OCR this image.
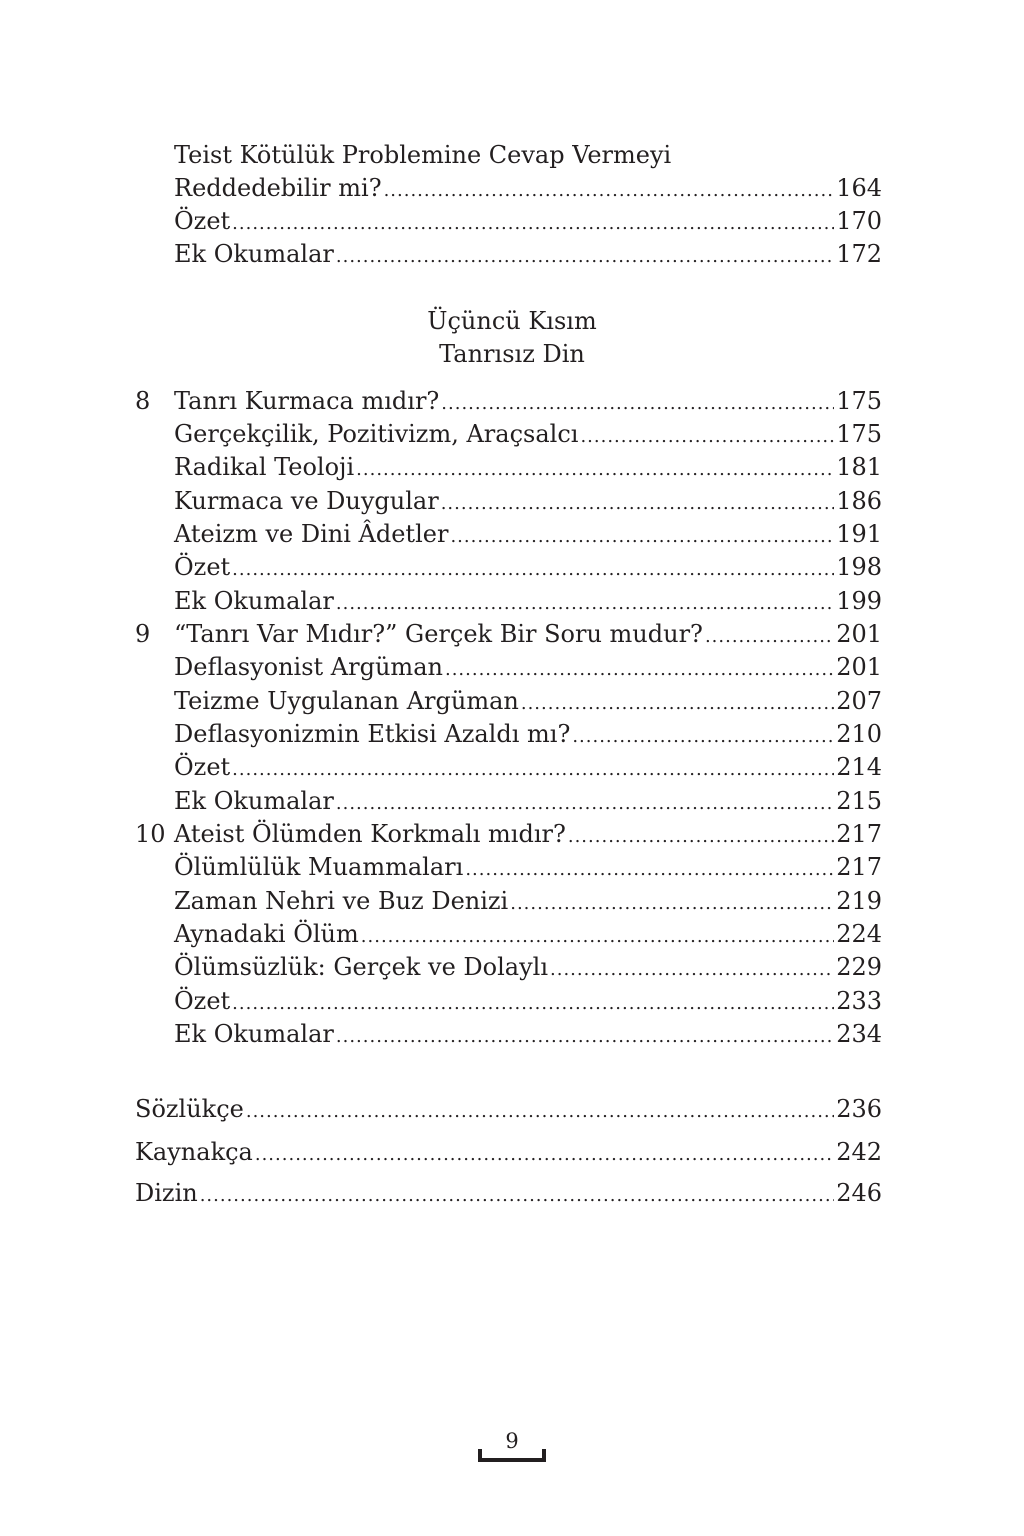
Teist Kötülük Problemine Cevap Vermeyi
Reddedebilir mi? .....	164
Özet .....	170
Ek Okumalar .....	172
Üçüncü Kısım
Tanrısız Din
8 Tanrı Kurmaca mıdır? .....	175
Gerçekçilik, Pozitivizm, Araçsalcı .....	175
Radikal Teoloji .....	181
Kurmaca ve Duygular .....	186
Ateizm ve Dini Âdetler .....	191
Özet .....	198
Ek Okumalar .....	199
9 “Tanrı Var Mıdır?” Gerçek Bir Soru mudur? .....	201
Deflasyonist Argüman .....	201
Teizme Uygulanan Argüman .....	207
Deflasyonizmin Etkisi Azaldı mı? .....	210
Özet .....	214
Ek Okumalar .....	215
10 Ateist Ölümden Korkmalı mıdır? .....	217
Ölümlülük Muammaları .....	217
Zaman Nehri ve Buz Denizi .....	219
Aynadaki Ölüm .....	224
Ölümsüzlük: Gerçek ve Dolaylı .....	229
Özet .....	233
Ek Okumalar .....	234
Sözlükçe .....	236
Kaynakça .....	242
Dizin .....	246
9
